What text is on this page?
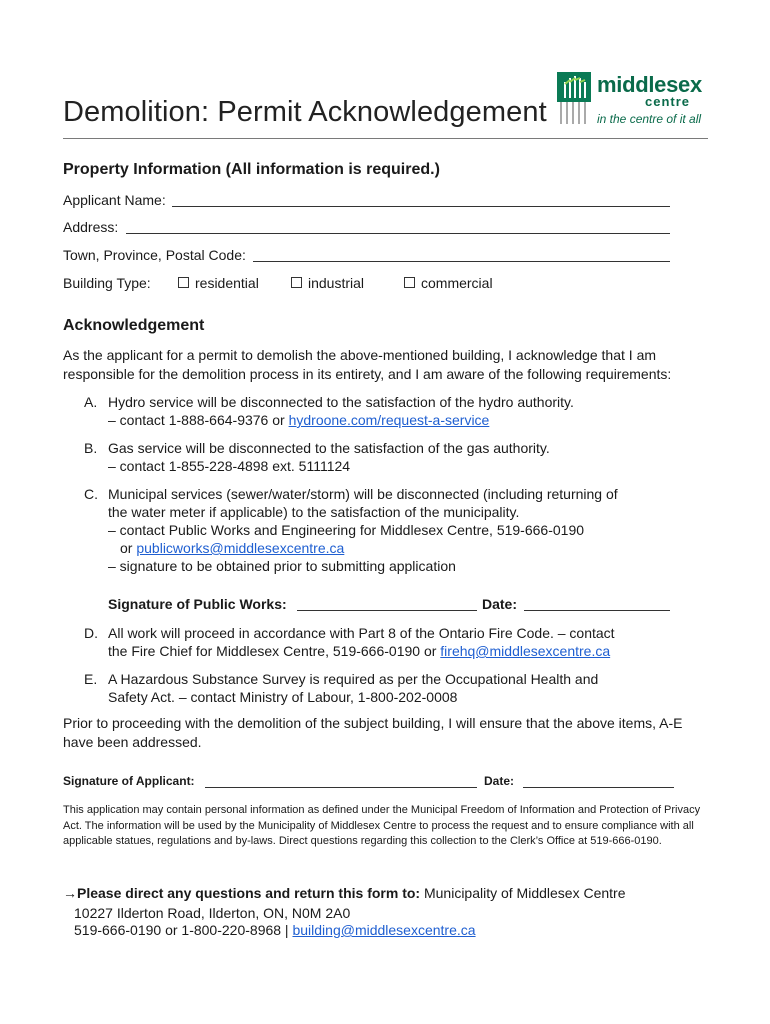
Demolition: Permit Acknowledgement
middlesex
centre
in the centre of it all
Property Information (All information is required.)
Applicant Name:
Address:
Town, Province, Postal Code:
Building Type:	residential	industrial	commercial
Acknowledgement
As the applicant for a permit to demolish the above-mentioned building, I acknowledge that I am
responsible for the demolition process in its entirety, and I am aware of the following requirements:
A. Hydro service will be disconnected to the satisfaction of the hydro authority.
– contact 1-888-664-9376 or hydroone.com/request-a-service
B. Gas service will be disconnected to the satisfaction of the gas authority.
– contact 1-855-228-4898 ext. 5111124
C. Municipal services (sewer/water/storm) will be disconnected (including returning of
the water meter if applicable) to the satisfaction of the municipality.
– contact Public Works and Engineering for Middlesex Centre, 519-666-0190
or publicworks@middlesexcentre.ca
– signature to be obtained prior to submitting application
Signature of Public Works:	Date:
D. All work will proceed in accordance with Part 8 of the Ontario Fire Code. – contact
the Fire Chief for Middlesex Centre, 519-666-0190 or firehq@middlesexcentre.ca
E. A Hazardous Substance Survey is required as per the Occupational Health and
Safety Act. – contact Ministry of Labour, 1-800-202-0008
Prior to proceeding with the demolition of the subject building, I will ensure that the above items, A-E
have been addressed.
Signature of Applicant:	Date:
This application may contain personal information as defined under the Municipal Freedom of Information and Protection of Privacy Act. The information will be used by the Municipality of Middlesex Centre to process the request and to ensure compliance with all applicable statues, regulations and by-laws. Direct questions regarding this collection to the Clerk’s Office at 519-666-0190.
→Please direct any questions and return this form to: Municipality of Middlesex Centre
10227 Ilderton Road, Ilderton, ON, N0M 2A0
519-666-0190 or 1-800-220-8968 | building@middlesexcentre.ca
